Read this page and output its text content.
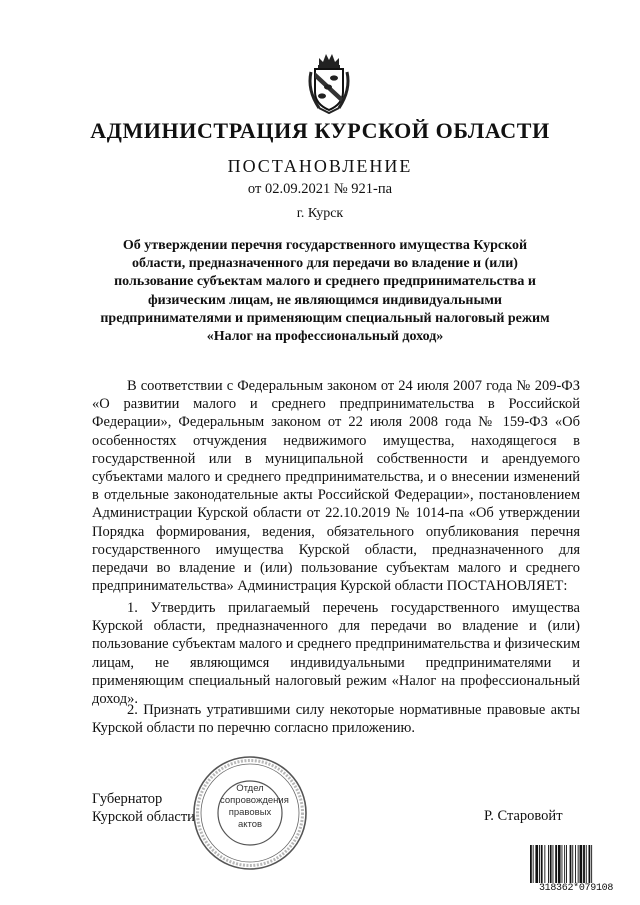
АДМИНИСТРАЦИЯ КУРСКОЙ ОБЛАСТИ
ПОСТАНОВЛЕНИЕ
от 02.09.2021 № 921-па
г. Курск
Об утверждении перечня государственного имущества Курской области, предназначенного для передачи во владение и (или) пользование субъектам малого и среднего предпринимательства и физическим лицам, не являющимся индивидуальными предпринимателями и применяющим специальный налоговый режим «Налог на профессиональный доход»
В соответствии с Федеральным законом от 24 июля 2007 года № 209-ФЗ «О развитии малого и среднего предпринимательства в Российской Федерации», Федеральным законом от 22 июля 2008 года № 159-ФЗ «Об особенностях отчуждения недвижимого имущества, находящегося в государственной или в муниципальной собственности и арендуемого субъектами малого и среднего предпринимательства, и о внесении изменений в отдельные законодательные акты Российской Федерации», постановлением Администрации Курской области от 22.10.2019 № 1014-па «Об утверждении Порядка формирования, ведения, обязательного опубликования перечня государственного имущества Курской области, предназначенного для передачи во владение и (или) пользование субъектам малого и среднего предпринимательства» Администрация Курской области ПОСТАНОВЛЯЕТ:
1. Утвердить прилагаемый перечень государственного имущества Курской области, предназначенного для передачи во владение и (или) пользование субъектам малого и среднего предпринимательства и физическим лицам, не являющимся индивидуальными предпринимателями и применяющим специальный налоговый режим «Налог на профессиональный доход».
2. Признать утратившими силу некоторые нормативные правовые акты Курской области по перечню согласно приложению.
Губернатор
Курской области	Р. Старовойт
Отдел
сопровождения
правовых
актов
318362*079108
